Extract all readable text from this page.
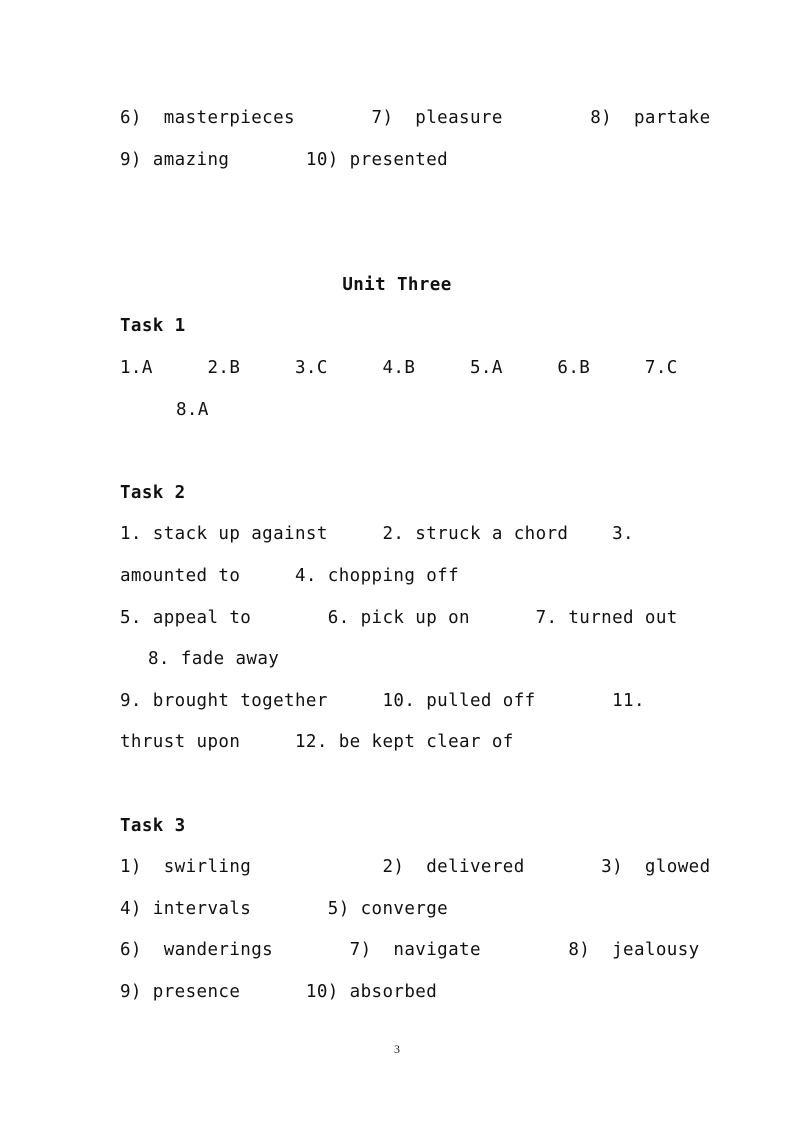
6)  masterpieces       7)  pleasure        8)  partake
9) amazing       10) presented
Unit Three
Task 1
1.A     2.B     3.C     4.B     5.A     6.B     7.C
8.A
Task 2
1. stack up against     2. struck a chord    3.
amounted to     4. chopping off
5. appeal to       6. pick up on      7. turned out
8. fade away
9. brought together     10. pulled off       11.
thrust upon     12. be kept clear of
Task 3
1)  swirling            2)  delivered       3)  glowed
4) intervals       5) converge
6)  wanderings       7)  navigate        8)  jealousy
9) presence      10) absorbed
3
